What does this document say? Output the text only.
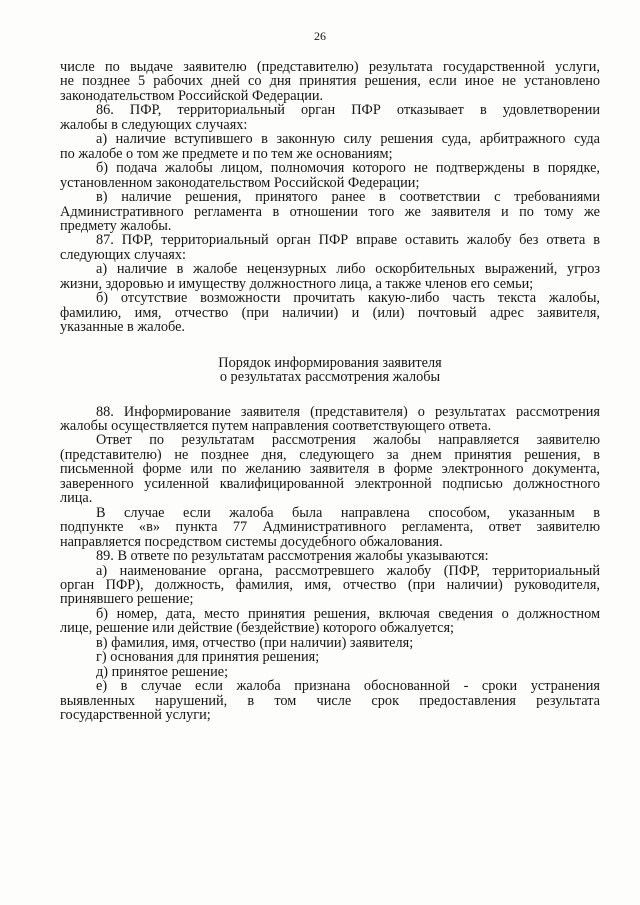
26
числе по выдаче заявителю (представителю) результата государственной услуги,
не позднее 5 рабочих дней со дня принятия решения, если иное не установлено
законодательством Российской Федерации.
86. ПФР, территориальный орган ПФР отказывает в удовлетворении
жалобы в следующих случаях:
а) наличие вступившего в законную силу решения суда, арбитражного суда
по жалобе о том же предмете и по тем же основаниям;
б) подача жалобы лицом, полномочия которого не подтверждены в порядке,
установленном законодательством Российской Федерации;
в) наличие решения, принятого ранее в соответствии с требованиями
Административного регламента в отношении того же заявителя и по тому же
предмету жалобы.
87. ПФР, территориальный орган ПФР вправе оставить жалобу без ответа в
следующих случаях:
а) наличие в жалобе нецензурных либо оскорбительных выражений, угроз
жизни, здоровью и имуществу должностного лица, а также членов его семьи;
б) отсутствие возможности прочитать какую-либо часть текста жалобы,
фамилию, имя, отчество (при наличии) и (или) почтовый адрес заявителя,
указанные в жалобе.
Порядок информирования заявителя
о результатах рассмотрения жалобы
88. Информирование заявителя (представителя) о результатах рассмотрения
жалобы осуществляется путем направления соответствующего ответа.
Ответ по результатам рассмотрения жалобы направляется заявителю
(представителю) не позднее дня, следующего за днем принятия решения, в
письменной форме или по желанию заявителя в форме электронного документа,
заверенного усиленной квалифицированной электронной подписью должностного
лица.
В случае если жалоба была направлена способом, указанным в
подпункте «в» пункта 77 Административного регламента, ответ заявителю
направляется посредством системы досудебного обжалования.
89. В ответе по результатам рассмотрения жалобы указываются:
а) наименование органа, рассмотревшего жалобу (ПФР, территориальный
орган ПФР), должность, фамилия, имя, отчество (при наличии) руководителя,
принявшего решение;
б) номер, дата, место принятия решения, включая сведения о должностном
лице, решение или действие (бездействие) которого обжалуется;
в) фамилия, имя, отчество (при наличии) заявителя;
г) основания для принятия решения;
д) принятое решение;
е) в случае если жалоба признана обоснованной - сроки устранения
выявленных нарушений, в том числе срок предоставления результата
государственной услуги;
